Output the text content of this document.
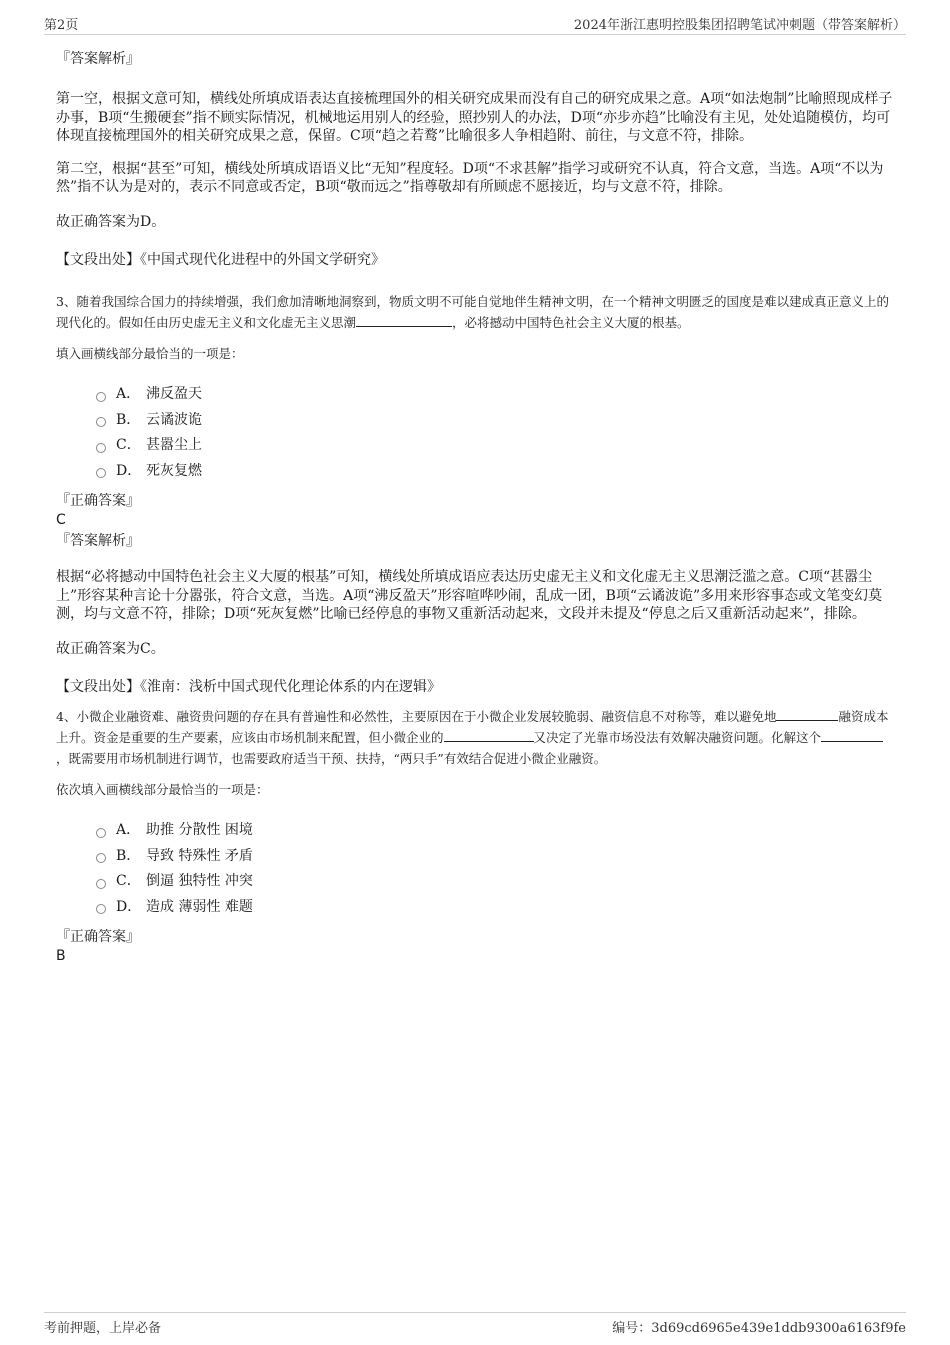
第2页	2024年浙江惠明控股集团招聘笔试冲刺题（带答案解析）
『答案解析』

第一空，根据文意可知，横线处所填成语表达直接梳理国外的相关研究成果而没有自己的研究成果之意。A项“如法炮制”比喻照现成样子办事，B项“生搬硬套”指不顾实际情况，机械地运用别人的经验，照抄别人的办法，D项“亦步亦趋”比喻没有主见，处处追随模仿，均可体现直接梳理国外的相关研究成果之意，保留。C项“趋之若鹜”比喻很多人争相趋附、前往，与文意不符，排除。

第二空，根据“甚至”可知，横线处所填成语语义比“无知”程度轻。D项“不求甚解”指学习或研究不认真，符合文意，当选。A项“不以为然”指不认为是对的，表示不同意或否定，B项“敬而远之”指尊敬却有所顾虑不愿接近，均与文意不符，排除。

故正确答案为D。

【文段出处】《中国式现代化进程中的外国文学研究》

3、随着我国综合国力的持续增强，我们愈加清晰地洞察到，物质文明不可能自觉地伴生精神文明，在一个精神文明匮乏的国度是难以建成真正意义上的现代化的。假如任由历史虚无主义和文化虚无主义思潮	，必将撼动中国特色社会主义大厦的根基。
填入画横线部分最恰当的一项是：
A． 沸反盈天
B． 云谲波诡
C． 甚嚣尘上
D． 死灰复燃
『正确答案』
C
『答案解析』

根据“必将撼动中国特色社会主义大厦的根基”可知，横线处所填成语应表达历史虚无主义和文化虚无主义思潮泛滥之意。C项“甚嚣尘上”形容某种言论十分嚣张，符合文意，当选。A项“沸反盈天”形容喧哗吵闹，乱成一团，B项“云谲波诡”多用来形容事态或文笔变幻莫测，均与文意不符，排除；D项“死灰复燃”比喻已经停息的事物又重新活动起来，文段并未提及“停息之后又重新活动起来”，排除。

故正确答案为C。

【文段出处】《淮南：浅析中国式现代化理论体系的内在逻辑》

4、小微企业融资难、融资贵问题的存在具有普遍性和必然性，主要原因在于小微企业发展较脆弱、融资信息不对称等，难以避免地	融资成本上升。资金是重要的生产要素，应该由市场机制来配置，但小微企业的	又决定了光靠市场没法有效解决融资问题。化解这个，既需要用市场机制进行调节，也需要政府适当干预、扶持，“两只手”有效结合促进小微企业融资。
依次填入画横线部分最恰当的一项是：
A． 助推 分散性 困境
B． 导致 特殊性 矛盾
C． 倒逼 独特性 冲突
D． 造成 薄弱性 难题
『正确答案』
B
考前押题，上岸必备	编号：3d69cd6965e439e1ddb9300a6163f9fe
